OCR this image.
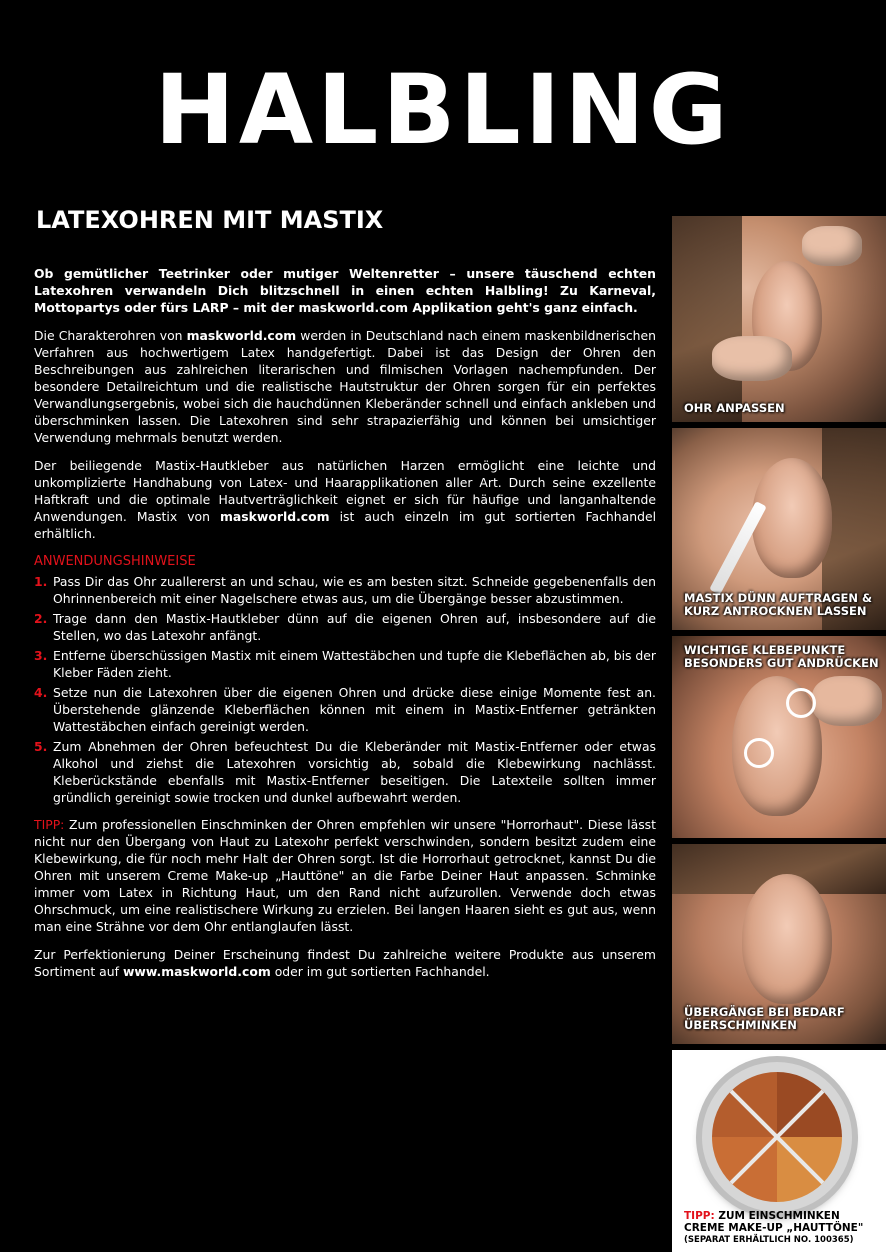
HALBLING
LATEXOHREN MIT MASTIX

Ob gemütlicher Teetrinker oder mutiger Weltenretter – unsere täuschend echten Latexohren verwandeln Dich blitzschnell in einen echten Halbling! Zu Karneval, Mottopartys oder fürs LARP – mit der maskworld.com Applikation geht's ganz einfach.

Die Charakterohren von maskworld.com werden in Deutschland nach einem maskenbildnerischen Verfahren aus hochwertigem Latex handgefertigt. Dabei ist das Design der Ohren den Beschreibungen aus zahlreichen literarischen und filmischen Vorlagen nachempfunden. Der besondere Detailreichtum und die realistische Hautstruktur der Ohren sorgen für ein perfektes Verwandlungsergebnis, wobei sich die hauchdünnen Kleberänder schnell und einfach ankleben und überschminken lassen. Die Latexohren sind sehr strapazierfähig und können bei umsichtiger Verwendung mehrmals benutzt werden.

Der beiliegende Mastix-Hautkleber aus natürlichen Harzen ermöglicht eine leichte und unkomplizierte Handhabung von Latex- und Haarapplikationen aller Art. Durch seine exzellente Haftkraft und die optimale Hautverträglichkeit eignet er sich für häufige und langanhaltende Anwendungen. Mastix von maskworld.com ist auch einzeln im gut sortierten Fachhandel erhältlich.

ANWENDUNGSHINWEISE
1. Pass Dir das Ohr zuallererst an und schau, wie es am besten sitzt. Schneide gegebenenfalls den Ohrinnenbereich mit einer Nagelschere etwas aus, um die Übergänge besser abzustimmen.
2. Trage dann den Mastix-Hautkleber dünn auf die eigenen Ohren auf, insbesondere auf die Stellen, wo das Latexohr anfängt.
3. Entferne überschüssigen Mastix mit einem Wattestäbchen und tupfe die Klebeflächen ab, bis der Kleber Fäden zieht.
4. Setze nun die Latexohren über die eigenen Ohren und drücke diese einige Momente fest an. Überstehende glänzende Kleberflächen können mit einem in Mastix-Entferner getränkten Wattestäbchen einfach gereinigt werden.
5. Zum Abnehmen der Ohren befeuchtest Du die Kleberänder mit Mastix-Entferner oder etwas Alkohol und ziehst die Latexohren vorsichtig ab, sobald die Klebewirkung nachlässt. Kleberückstände ebenfalls mit Mastix-Entferner beseitigen. Die Latexteile sollten immer gründlich gereinigt sowie trocken und dunkel aufbewahrt werden.

TIPP: Zum professionellen Einschminken der Ohren empfehlen wir unsere "Horrorhaut". Diese lässt nicht nur den Übergang von Haut zu Latexohr perfekt verschwinden, sondern besitzt zudem eine Klebewirkung, die für noch mehr Halt der Ohren sorgt. Ist die Horrorhaut getrocknet, kannst Du die Ohren mit unserem Creme Make-up „Hauttöne" an die Farbe Deiner Haut anpassen. Schminke immer vom Latex in Richtung Haut, um den Rand nicht aufzurollen. Verwende doch etwas Ohrschmuck, um eine realistischere Wirkung zu erzielen. Bei langen Haaren sieht es gut aus, wenn man eine Strähne vor dem Ohr entlanglaufen lässt.

Zur Perfektionierung Deiner Erscheinung findest Du zahlreiche weitere Produkte aus unserem Sortiment auf www.maskworld.com oder im gut sortierten Fachhandel.

OHR ANPASSEN
MASTIX DÜNN AUFTRAGEN &
KURZ ANTROCKNEN LASSEN
WICHTIGE KLEBEPUNKTE
BESONDERS GUT ANDRÜCKEN
ÜBERGÄNGE BEI BEDARF
ÜBERSCHMINKEN
TIPP: ZUM EINSCHMINKEN
CREME MAKE-UP „HAUTTÖNE"
(SEPARAT ERHÄLTLICH NO. 100365)
